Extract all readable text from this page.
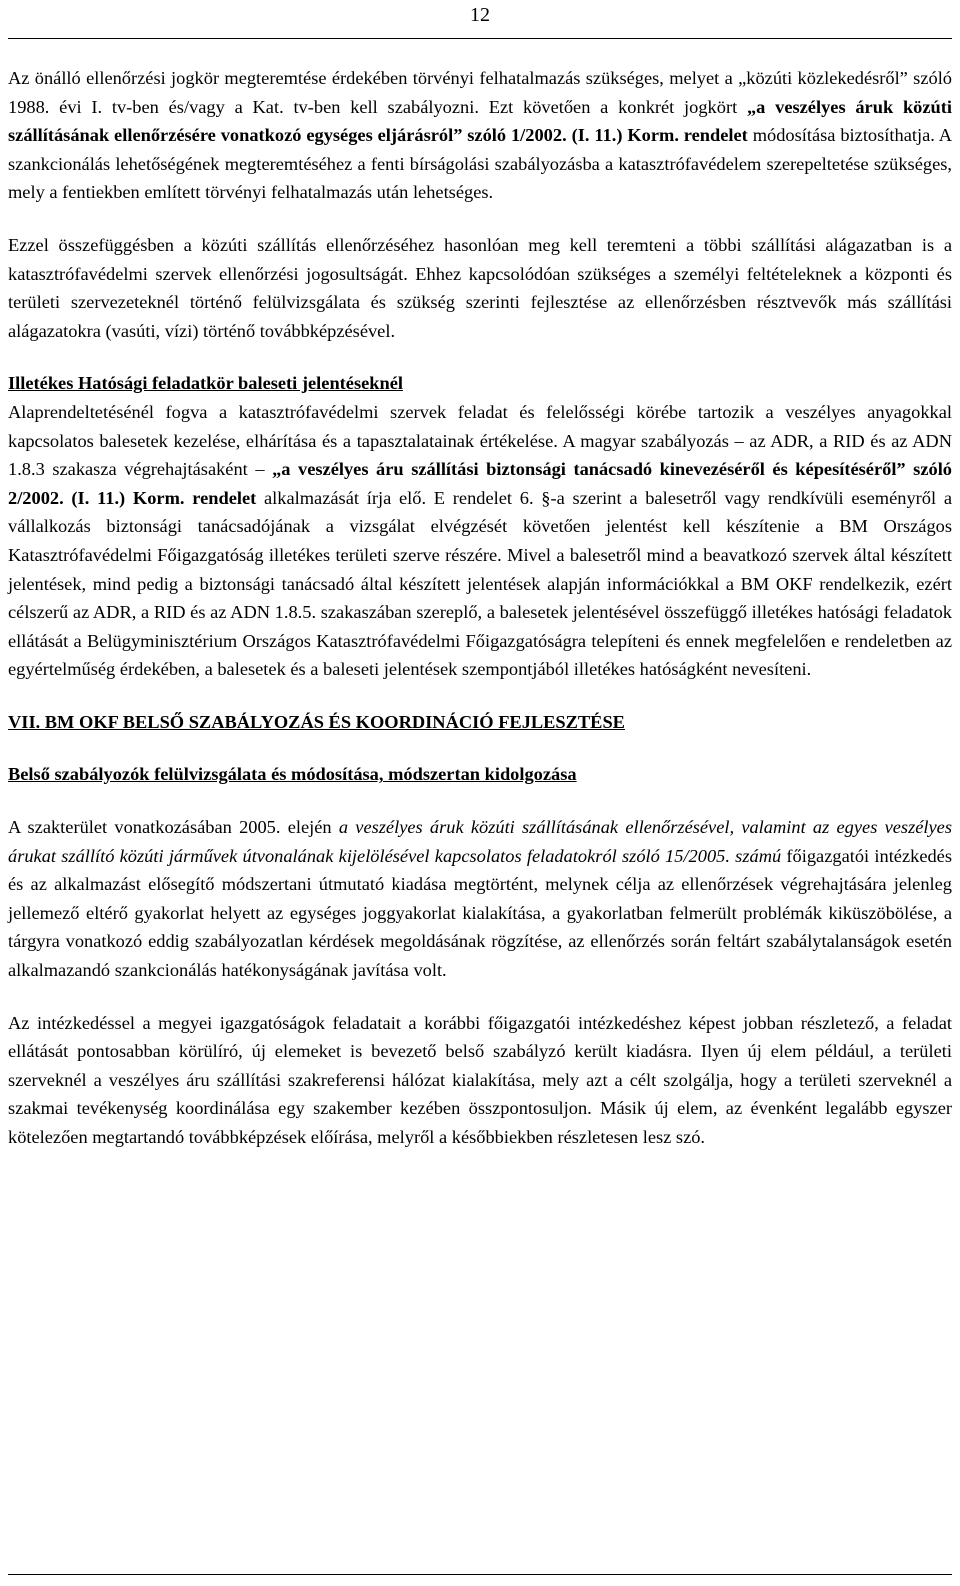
12

Az önálló ellenőrzési jogkör megteremtése érdekében törvényi felhatalmazás szükséges, melyet a „közúti közlekedésről” szóló 1988. évi I. tv-ben és/vagy a Kat. tv-ben kell szabályozni. Ezt követően a konkrét jogkört „a veszélyes áruk közúti szállításának ellenőrzésére vonatkozó egységes eljárásról” szóló 1/2002. (I. 11.) Korm. rendelet módosítása biztosíthatja. A szankcionálás lehetőségének megteremtéséhez a fenti bírságolási szabályozásba a katasztrófavédelem szerepeltetése szükséges, mely a fentiekben említett törvényi felhatalmazás után lehetséges.

Ezzel összefüggésben a közúti szállítás ellenőrzéséhez hasonlóan meg kell teremteni a többi szállítási alágazatban is a katasztrófavédelmi szervek ellenőrzési jogosultságát. Ehhez kapcsolódóan szükséges a személyi feltételeknek a központi és területi szervezeteknél történő felülvizsgálata és szükség szerinti fejlesztése az ellenőrzésben résztvevők más szállítási alágazatokra (vasúti, vízi) történő továbbképzésével.

Illetékes Hatósági feladatkör baleseti jelentéseknél

Alaprendeltetésénél fogva a katasztrófavédelmi szervek feladat és felelősségi körébe tartozik a veszélyes anyagokkal kapcsolatos balesetek kezelése, elhárítása és a tapasztalatainak értékelése. A magyar szabályozás – az ADR, a RID és az ADN 1.8.3 szakasza végrehajtásaként – „a veszélyes áru szállítási biztonsági tanácsadó kinevezéséről és képesítéséről” szóló 2/2002. (I. 11.) Korm. rendelet alkalmazását írja elő. E rendelet 6. §-a szerint a balesetről vagy rendkívüli eseményről a vállalkozás biztonsági tanácsadójának a vizsgálat elvégzését követően jelentést kell készítenie a BM Országos Katasztrófavédelmi Főigazgatóság illetékes területi szerve részére. Mivel a balesetről mind a beavatkozó szervek által készített jelentések, mind pedig a biztonsági tanácsadó által készített jelentések alapján információkkal a BM OKF rendelkezik, ezért célszerű az ADR, a RID és az ADN 1.8.5. szakaszában szereplő, a balesetek jelentésével összefüggő illetékes hatósági feladatok ellátását a Belügyminisztérium Országos Katasztrófavédelmi Főigazgatóságra telepíteni és ennek megfelelően e rendeletben az egyértelműség érdekében, a balesetek és a baleseti jelentések szempontjából illetékes hatóságként nevesíteni.

VII. BM OKF BELSŐ SZABÁLYOZÁS ÉS KOORDINÁCIÓ FEJLESZTÉSE

Belső szabályozók felülvizsgálata és módosítása, módszertan kidolgozása

A szakterület vonatkozásában 2005. elején a veszélyes áruk közúti szállításának ellenőrzésével, valamint az egyes veszélyes árukat szállító közúti járművek útvonalának kijelölésével kapcsolatos feladatokról szóló 15/2005. számú főigazgatói intézkedés és az alkalmazást elősegítő módszertani útmutató kiadása megtörtént, melynek célja az ellenőrzések végrehajtására jelenleg jellemező eltérő gyakorlat helyett az egységes joggyakorlat kialakítása, a gyakorlatban felmerült problémák kiküszöbölése, a tárgyra vonatkozó eddig szabályozatlan kérdések megoldásának rögzítése, az ellenőrzés során feltárt szabálytalanságok esetén alkalmazandó szankcionálás hatékonyságának javítása volt.

Az intézkedéssel a megyei igazgatóságok feladatait a korábbi főigazgatói intézkedéshez képest jobban részletező, a feladat ellátását pontosabban körülíró, új elemeket is bevezető belső szabályzó került kiadásra. Ilyen új elem például, a területi szerveknél a veszélyes áru szállítási szakreferensi hálózat kialakítása, mely azt a célt szolgálja, hogy a területi szerveknél a szakmai tevékenység koordinálása egy szakember kezében összpontosuljon. Másik új elem, az évenként legalább egyszer kötelezően megtartandó továbbképzések előírása, melyről a későbbiekben részletesen lesz szó.
